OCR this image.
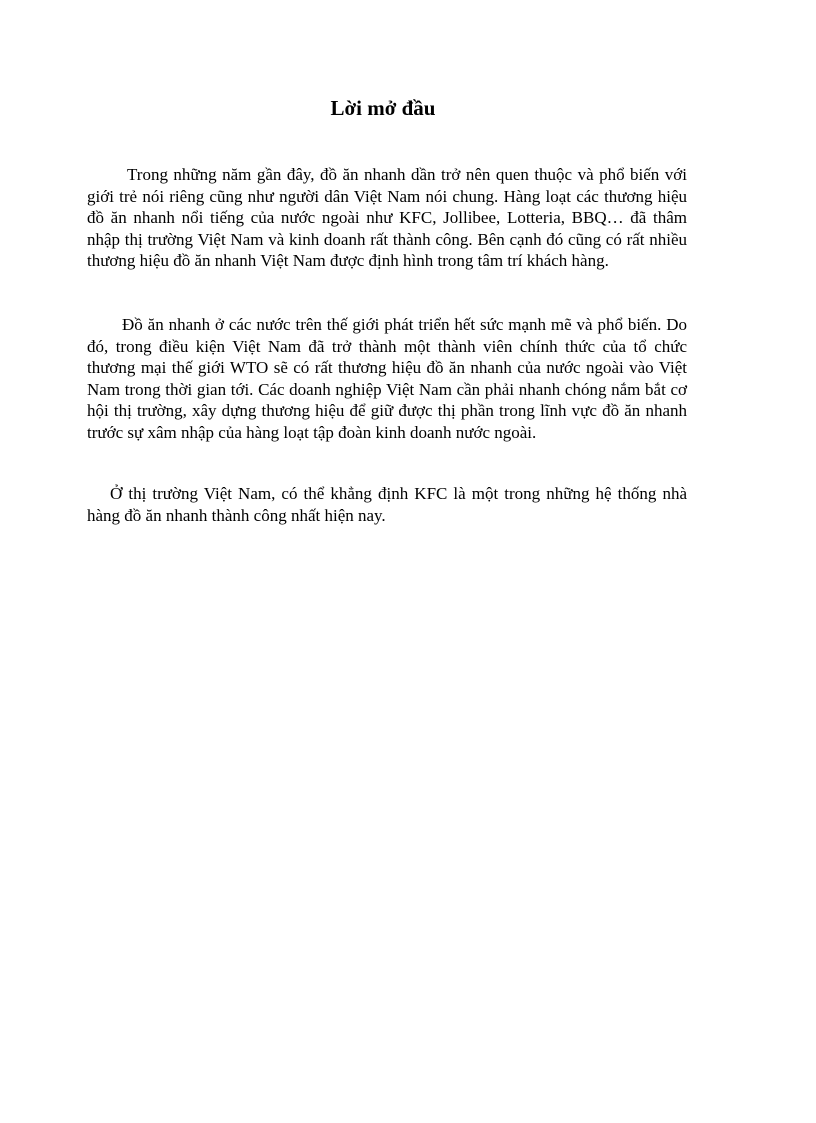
Lời mở đầu

Trong những năm gần đây, đồ ăn nhanh dần trở nên quen thuộc và phổ biến với giới trẻ nói riêng cũng như người dân Việt Nam nói chung. Hàng loạt các thương hiệu đồ ăn nhanh nổi tiếng của nước ngoài như KFC, Jollibee, Lotteria, BBQ… đã thâm nhập thị trường Việt Nam và kinh doanh rất thành công. Bên cạnh đó cũng có rất nhiều thương hiệu đồ ăn nhanh Việt Nam được định hình trong tâm trí khách hàng.

Đồ ăn nhanh ở các nước trên thế giới phát triển hết sức mạnh mẽ và phổ biến. Do đó, trong điều kiện Việt Nam đã trở thành một thành viên chính thức của tổ chức thương mại thế giới WTO sẽ có rất thương hiệu đồ ăn nhanh của nước ngoài vào Việt Nam trong thời gian tới. Các doanh nghiệp Việt Nam cần phải nhanh chóng nắm bắt cơ hội thị trường, xây dựng thương hiệu để giữ được thị phần trong lĩnh vực đồ ăn nhanh trước sự xâm nhập của hàng loạt tập đoàn kinh doanh nước ngoài.

Ở thị trường Việt Nam, có thể khẳng định KFC là một trong những hệ thống nhà hàng đồ ăn nhanh thành công nhất hiện nay.
